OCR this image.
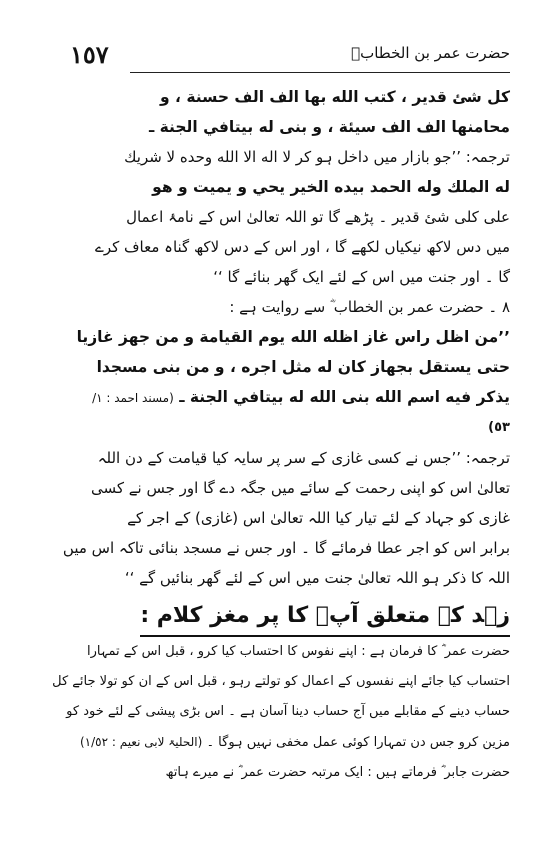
١٥٧	حضرت عمر بن الخطابؓ
كل شئ قدير ، كتب الله بها الف الف حسنة ، و
محامنها الف الف سيئة ، و بنى له بيتافي الجنة ـ
ترجمہ: ’’جو بازار میں داخل ہو کر لا اله الا الله وحده لا شريك
له الملك وله الحمد بيده الخير يحي و يميت و هو
على كلى شئ قدير ۔ پڑھے گا تو اللہ تعالیٰ اس کے نامۂ اعمال
میں دس لاکھ نیکیاں لکھے گا ، اور اس کے دس لاکھ گناہ معاف کرے
گا ۔ اور جنت میں اس کے لئے ایک گھر بنائے گا ‘‘
۸ ۔ حضرت عمر بن الخطاب ؓ سے روایت ہے :
’’من اظل راس غاز اظله الله يوم القيامة و من جهز غازيا
حتى يستقل بجهاز كان له مثل اجره ، و من بنى مسجدا
يذكر فيه اسم الله بنى الله له بيتافي الجنة ـ (مسند احمد : ١/
٥٣)
ترجمہ: ’’جس نے کسی غازی کے سر پر سایہ کیا قیامت کے دن اللہ
تعالیٰ اس کو اپنی رحمت کے سائے میں جگہ دے گا اور جس نے کسی
غازی کو جہاد کے لئے تیار کیا اللہ تعالیٰ اس (غازی) کے اجر کے
برابر اس کو اجر عطا فرمائے گا ۔ اور جس نے مسجد بنائی تاکہ اس میں
اللہ کا ذکر ہو اللہ تعالیٰ جنت میں اس کے لئے گھر بنائیں گے ‘‘
زہد کے متعلق آپؓ کا پر مغز کلام :
حضرت عمر ؓ کا فرمان ہے : اپنے نفوس کا احتساب کیا کرو ، قبل اس کے تمہارا
احتساب کیا جائے اپنے نفسوں کے اعمال کو تولتے رہو ، قبل اس کے ان کو تولا جائے کل
حساب دینے کے مقابلے میں آج حساب دینا آسان ہے ۔ اس بڑی پیشی کے لئے خود کو
مزین کرو جس دن تمہارا کوئی عمل مخفی نہیں ہوگا ۔ (الحلیۃ لابی نعیم : ١/٥٢)
حضرت جابر ؓ فرماتے ہیں : ایک مرتبہ حضرت عمر ؓ نے میرے ہاتھ
